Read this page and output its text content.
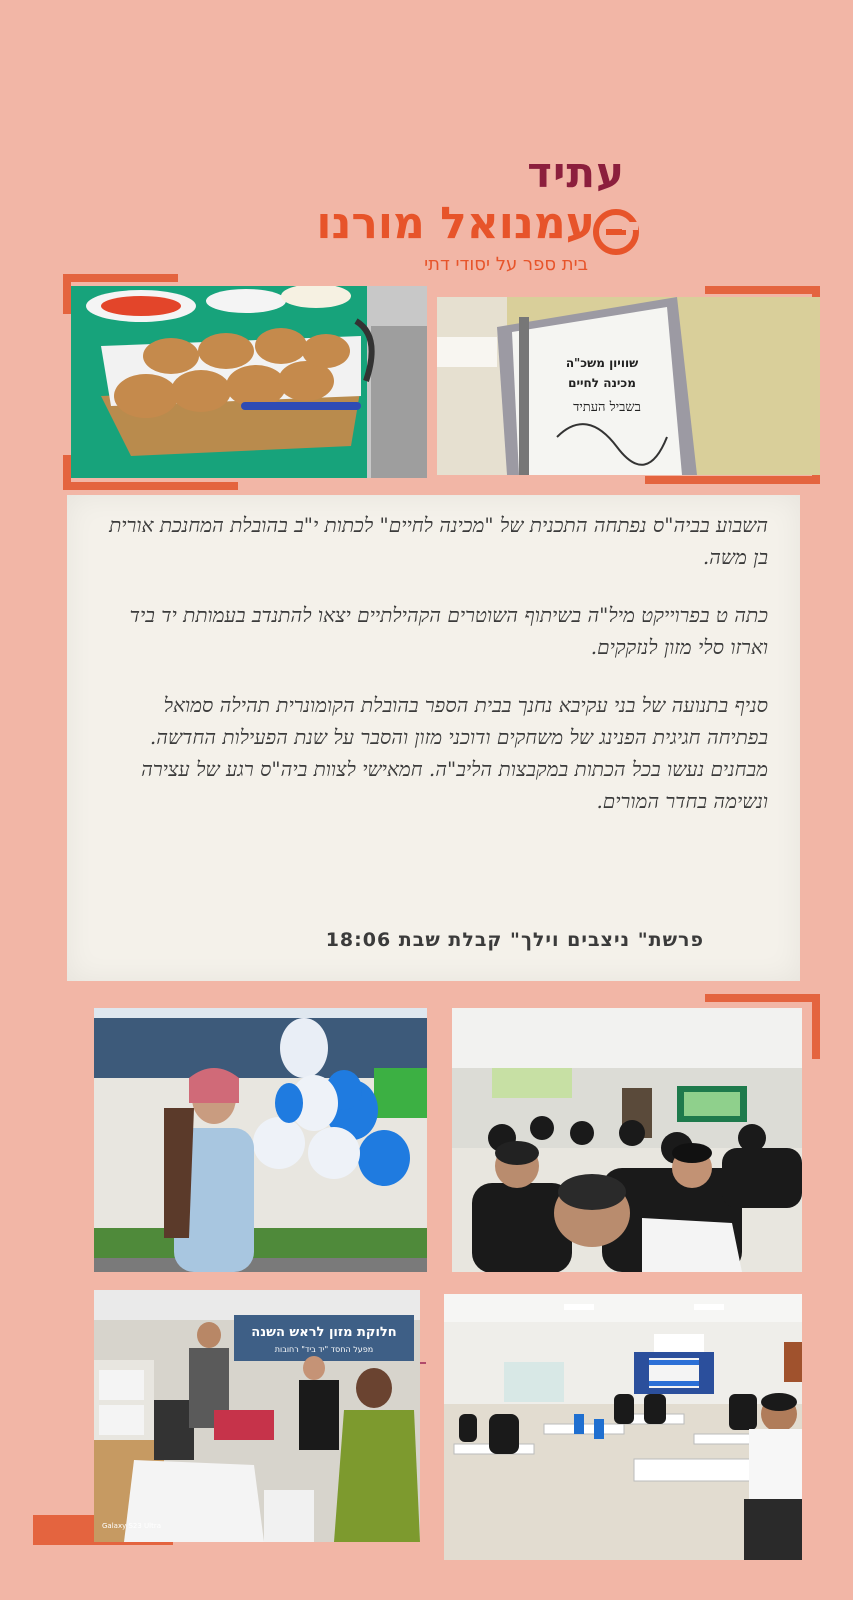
עתיד
עמנואל מורנו
בית ספר על יסודי דתי
שוויון משכ"ה
מכינה לחיים
בשביל העתיד

השבוע בביה"ס נפתחה התכנית של "מכינה לחיים" לכתות י"ב בהובלת המחנכת אורית בן משה.

כתה ט בפרוייקט מיל"ה בשיתוף השוטרים הקהילתיים יצאו להתנדב בעמותת יד ביד וארזו סלי מזון לנזקקים.

סניף בתנועה של בני עקיבא נחנך בבית הספר בהובלת הקומונרית תהילה סמואל בפתיחה חגיגית הפנינג של משחקים ודוכני מזון והסבר על שנת הפעילות החדשה. מבחנים נעשו בכל הכתות במקבצות הליב"ה. חמאישי לצוות ביה"ס רגע של עצירה ונשימה בחדר המורים.

פרשת" ניצבים וילך" קבלת שבת 18:06
חלוקת מזון לראש השנה
מפעל החסד "יד ביד" רחובות
Galaxy S23 Ultra
